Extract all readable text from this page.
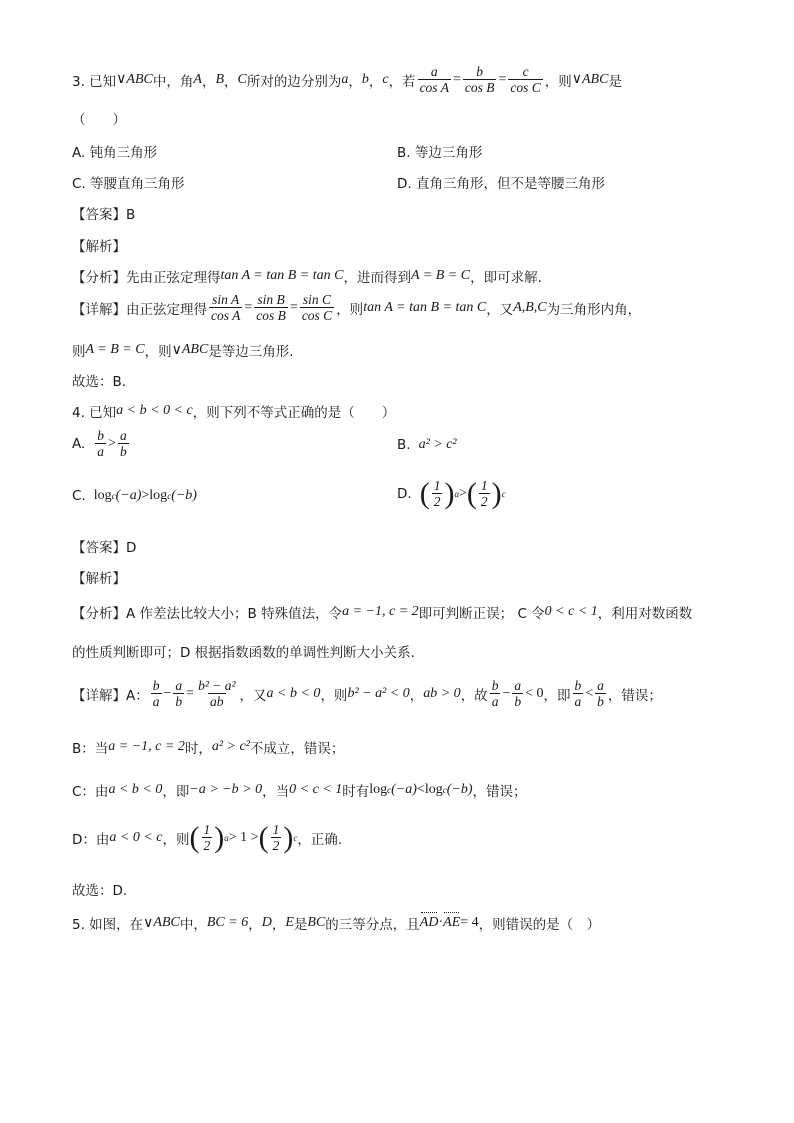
3. 已知 ∨ ABC 中，角 A ， B ， C 所对的边分别为 a ， b ， c ，若 $\frac{a}{\text{cos A}} = \frac{b}{\text{cos B}} = \frac{c}{\text{cos C}}$ ，则 ∨ ABC 是
（　　）
A. 钝角三角形	B. 等边三角形
C. 等腰直角三角形	D. 直角三角形，但不是等腰三角形
【答案】B
【解析】
【分析】 先由正弦定理得 tan A = tan B = tan C ，进而得到 A = B = C ，即可求解.
【详解】 由正弦定理得 $\frac{\text{sin A}}{\text{cos A}} = \frac{\text{sin B}}{\text{cos B}} = \frac{\text{sin C}}{\text{cos C}}$ ，则 tan A = tan B = tan C ，又 A,B,C 为三角形内角，
则 A = B = C ，则 ∨ ABC 是等边三角形.
故选：B.
4. 已知 a < b < 0 < c ，则下列不等式正确的是（　　）
A. $\frac{b}{a} > \frac{a}{b}$	B. a² > c²
C. log c (−a) > log c (−b)	D. ( $\frac{1}{2}$ ) a > ( $\frac{1}{2}$ ) c
【答案】D
【解析】
【分析】 A 作差法比较大小；B 特殊值法，令 a = −1, c = 2 即可判断正误； C 令 0 < c < 1 ，利用对数函数
的性质判断即可；D 根据指数函数的单调性判断大小关系.
【详解】 A： $\frac{b}{a} - \frac{a}{b} = \frac{\text{b² − a²}}{ab}$ ，又 a < b < 0 ，则 b² − a² < 0 ， ab > 0 ，故 $\frac{b}{a} - \frac{a}{b} < 0$ ，即 $\frac{b}{a} < \frac{a}{b}$ ，错误；
B：当 a = −1, c = 2 时， a² > c² 不成立，错误；
C：由 a < b < 0 ，即 −a > −b > 0 ，当 0 < c < 1 时有 log c (−a) < log c (−b) ，错误；
D：由 a < 0 < c ，则 ( $\frac{1}{2}$ ) a > 1 > ( $\frac{1}{2}$ ) c ，正确.
故选：D.
5. 如图，在 ∨ ABC 中， BC = 6 ， D ， E 是 BC 的三等分点，且 AD · AE = 4 ，则错误的是（　）
